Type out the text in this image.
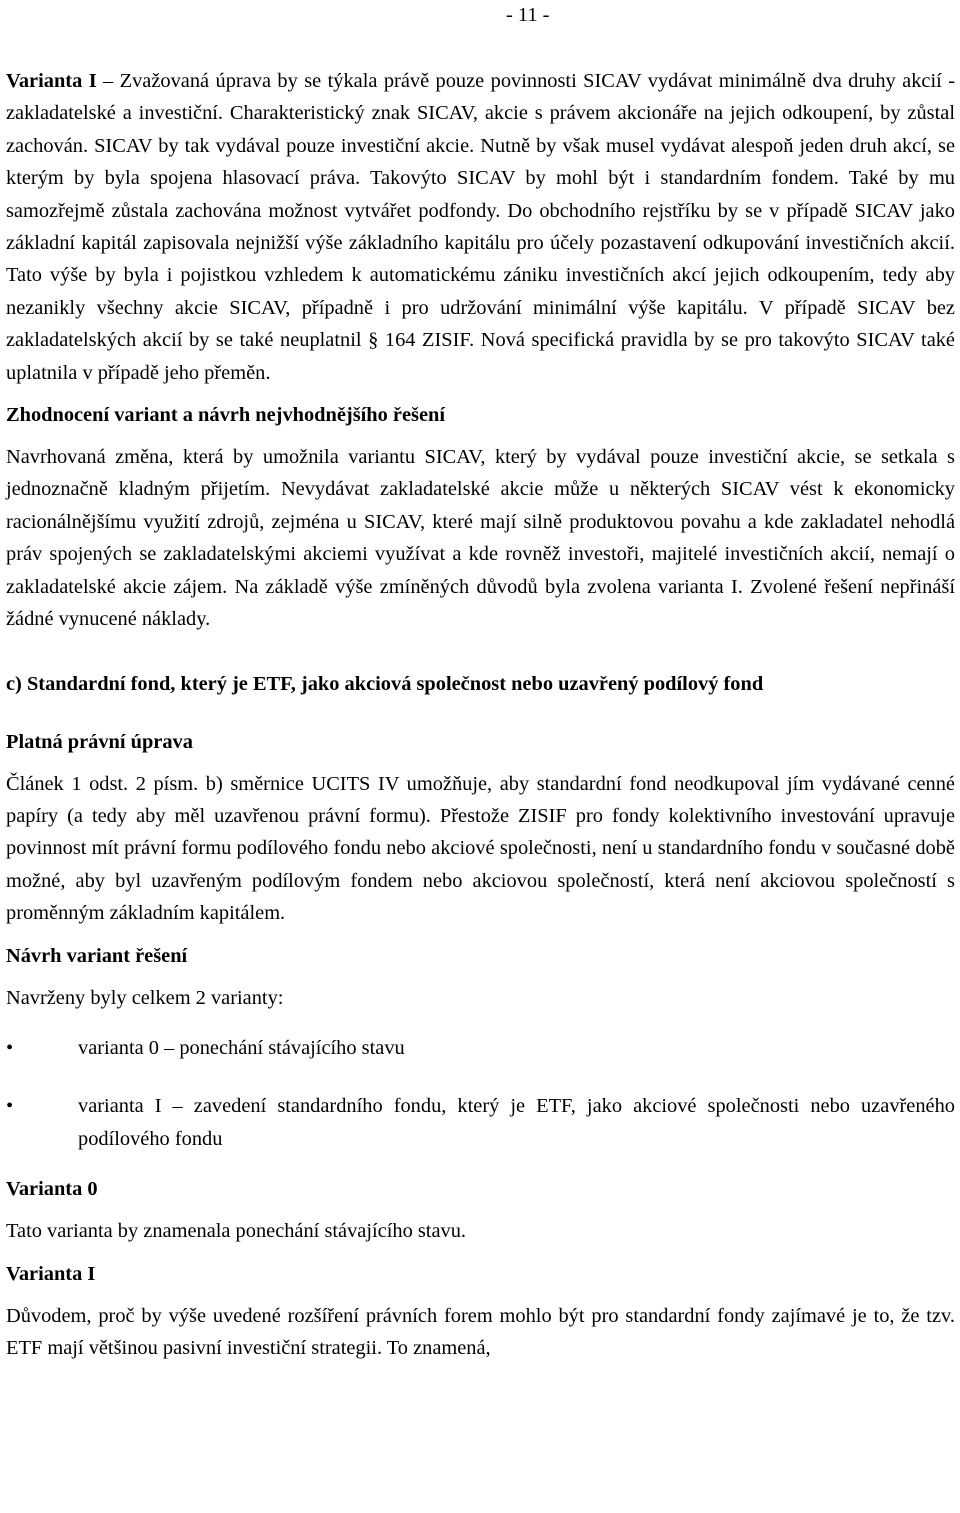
- 11 -

Varianta I – Zvažovaná úprava by se týkala právě pouze povinnosti SICAV vydávat minimálně dva druhy akcií - zakladatelské a investiční. Charakteristický znak SICAV, akcie s právem akcionáře na jejich odkoupení, by zůstal zachován. SICAV by tak vydával pouze investiční akcie. Nutně by však musel vydávat alespoň jeden druh akcí, se kterým by byla spojena hlasovací práva. Takovýto SICAV by mohl být i standardním fondem. Také by mu samozřejmě zůstala zachována možnost vytvářet podfondy. Do obchodního rejstříku by se v případě SICAV jako základní kapitál zapisovala nejnižší výše základního kapitálu pro účely pozastavení odkupování investičních akcií. Tato výše by byla i pojistkou vzhledem k automatickému zániku investičních akcí jejich odkoupením, tedy aby nezanikly všechny akcie SICAV, případně i pro udržování minimální výše kapitálu. V případě SICAV bez zakladatelských akcií by se také neuplatnil § 164 ZISIF. Nová specifická pravidla by se pro takovýto SICAV také uplatnila v případě jeho přeměn.

Zhodnocení variant a návrh nejvhodnějšího řešení

Navrhovaná změna, která by umožnila variantu SICAV, který by vydával pouze investiční akcie, se setkala s jednoznačně kladným přijetím. Nevydávat zakladatelské akcie může u některých SICAV vést k ekonomicky racionálnějšímu využití zdrojů, zejména u SICAV, které mají silně produktovou povahu a kde zakladatel nehodlá práv spojených se zakladatelskými akciemi využívat a kde rovněž investoři, majitelé investičních akcií, nemají o zakladatelské akcie zájem. Na základě výše zmíněných důvodů byla zvolena varianta I. Zvolené řešení nepřináší žádné vynucené náklady.

c) Standardní fond, který je ETF, jako akciová společnost nebo uzavřený podílový fond
Platná právní úprava

Článek 1 odst. 2 písm. b) směrnice UCITS IV umožňuje, aby standardní fond neodkupoval jím vydávané cenné papíry (a tedy aby měl uzavřenou právní formu). Přestože ZISIF pro fondy kolektivního investování upravuje povinnost mít právní formu podílového fondu nebo akciové společnosti, není u standardního fondu v současné době možné, aby byl uzavřeným podílovým fondem nebo akciovou společností, která není akciovou společností s proměnným základním kapitálem.

Návrh variant řešení

Navrženy byly celkem 2 varianty:

•	varianta 0 – ponechání stávajícího stavu
•	varianta I – zavedení standardního fondu, který je ETF, jako akciové společnosti nebo uzavřeného podílového fondu
Varianta 0

Tato varianta by znamenala ponechání stávajícího stavu.

Varianta I

Důvodem, proč by výše uvedené rozšíření právních forem mohlo být pro standardní fondy zajímavé je to, že tzv. ETF mají většinou pasivní investiční strategii. To znamená,
